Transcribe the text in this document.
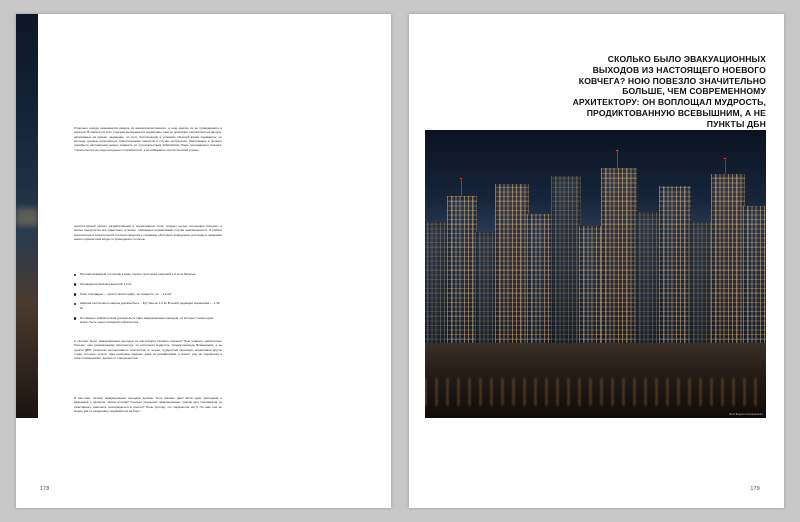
Отдельно иногда оказывается каждое из вышеперечисленного, а еще многие из не приведенного в перечне! В памяти об этих отрезках выплывается нормативы, нам не приемлют наложиться на авторы, написанные на кровях, задающие, по сути, беспокоящие в условиях обычной жизни параметры, но которые должны наполняться спасительными смыслом в случае экстренном. Реализацию в проекте подобного наставления можно сравнить со строительством библейским Ноем легендарного Ковчега: строительство не ради насущных потребностей, а во избежание гипотетической угрозы.

Архитектурный проект, разработанный в нормативном поле, создает целую коллекцию больших и малых ковчегов на все известных, а значит, описанных нормативами случаи невозможности. И работа архитектора в значительной степени сводится к созданию «беточных коридоров» для воды в ожидании нового пришествия когда-то пришедшего потопов.

Противопожарный отступник в виде глухого простенка шириной 1,2 м на балконе.
Ограждении балкона высотой 1,2 м!
Окно площадью — просто магия цифр, не поверите, но... 1,2 м²!
Ширина лестничного марша должна быть... Фу! Уже не 1,2 м! В новой редакции норматива — 1,35 м!
Из каждого сейсмоотсека должна быть пара эвакуационных выходов, из которых только один может быть через соседний сейсмоотсек...

А сколько было эвакуационных выходов из настоящего Ноевого ковчега? Ною повезло значительно больше, чем современному архитектору: он воплощал мудрость, продиктованную Всевышним, а не пункты ДБН, результат коллективного творчества, а точнее, трудностей перевода, нормативов других стран, которые, кстати, тоже написаны людьми, даже не дизайнерами, а значит, уму, не ходившему в себе положениями, далеко от совершенства.

И все-таки, почему эвакуационных выходов должны быть именно два? Если один пригодный и надежный с запасом, зачем второй? Сколько реальных эвакуационных трапов для пассажиров из реактивного самолета, находящегося в полете? Ноль (потому что парашютов нет)? Но нам тем не менее как-то разрешают подниматься на борт!

178
СКОЛЬКО БЫЛО ЭВАКУАЦИОННЫХ ВЫХОДОВ ИЗ НАСТОЯЩЕГО НОЕВОГО КОВЧЕГА? НОЮ ПОВЕЗЛО ЗНАЧИТЕЛЬНО БОЛЬШЕ, ЧЕМ СОВРЕМЕННОМУ АРХИТЕКТОРУ: ОН ВОПЛОЩАЛ МУДРОСТЬ, ПРОДИКТОВАННУЮ ВСЕВЫШНИМ, А НЕ ПУНКТЫ ДБН
Фото Бориса Солтановского
179
